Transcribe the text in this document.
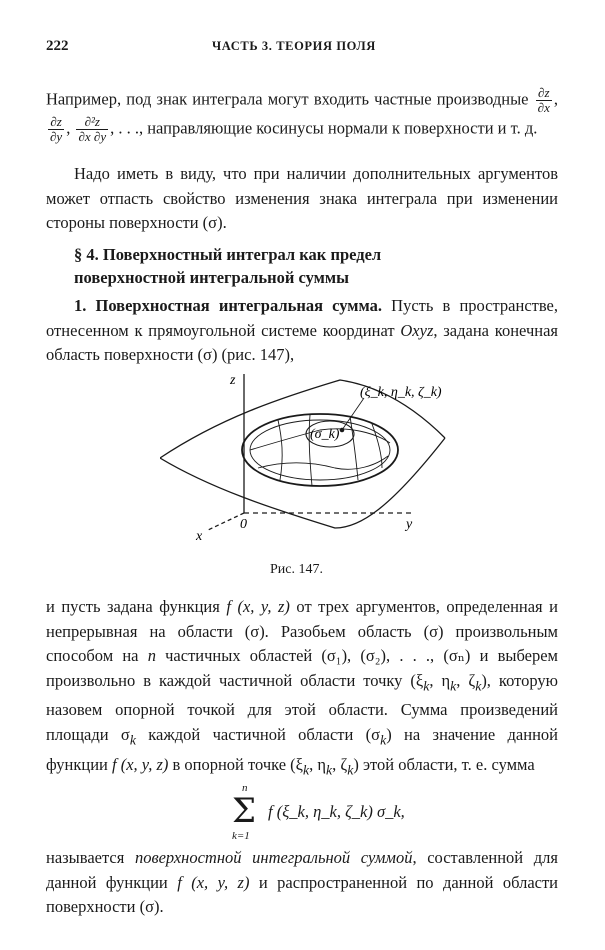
222	ЧАСТЬ 3. ТЕОРИЯ ПОЛЯ
Например, под знак интеграла могут входить частные производные $\frac{\partial z}{\partial x}$ ,
$\frac{\partial z}{\partial y}$ , $\frac{\text{∂²z}}{\partial x \partial y}$ , . . ., направляющие косинусы нормали к поверхности и т. д.
Надо иметь в виду, что при наличии дополнительных аргументов может отпасть свойство изменения знака интеграла при изменении стороны поверхности (σ).
§ 4. Поверхностный интеграл как предел
поверхностной интегральной суммы
1. Поверхностная интегральная сумма. Пусть в пространстве, отнесенном к прямоугольной системе координат Oxyz, задана конечная область поверхности (σ) (рис. 147),
z
y
x
0
(σ_k)
(ξ_k, η_k, ζ_k)
Рис. 147.
и пусть задана функция f (x, y, z) от трех аргументов, определенная и непрерывная на области (σ). Разобьем область (σ) произвольным способом на n частичных областей (σ₁), (σ₂), . . ., (σₙ) и выберем произвольно в каждой частичной области точку ($\xi_k$, $\eta_k$, $\zeta_k$), которую назовем опорной точкой для этой области. Сумма произведений площади $\sigma_k$ каждой частичной области $(\sigma_k)$ на значение данной функции f (x, y, z) в опорной точке ($\xi_k$, $\eta_k$, $\zeta_k$) этой области, т. е. сумма
n
Σ
k=1
f (ξ_k, η_k, ζ_k) σ_k,
называется поверхностной интегральной суммой, составленной для данной функции f (x, y, z) и распространенной по данной области поверхности (σ).
